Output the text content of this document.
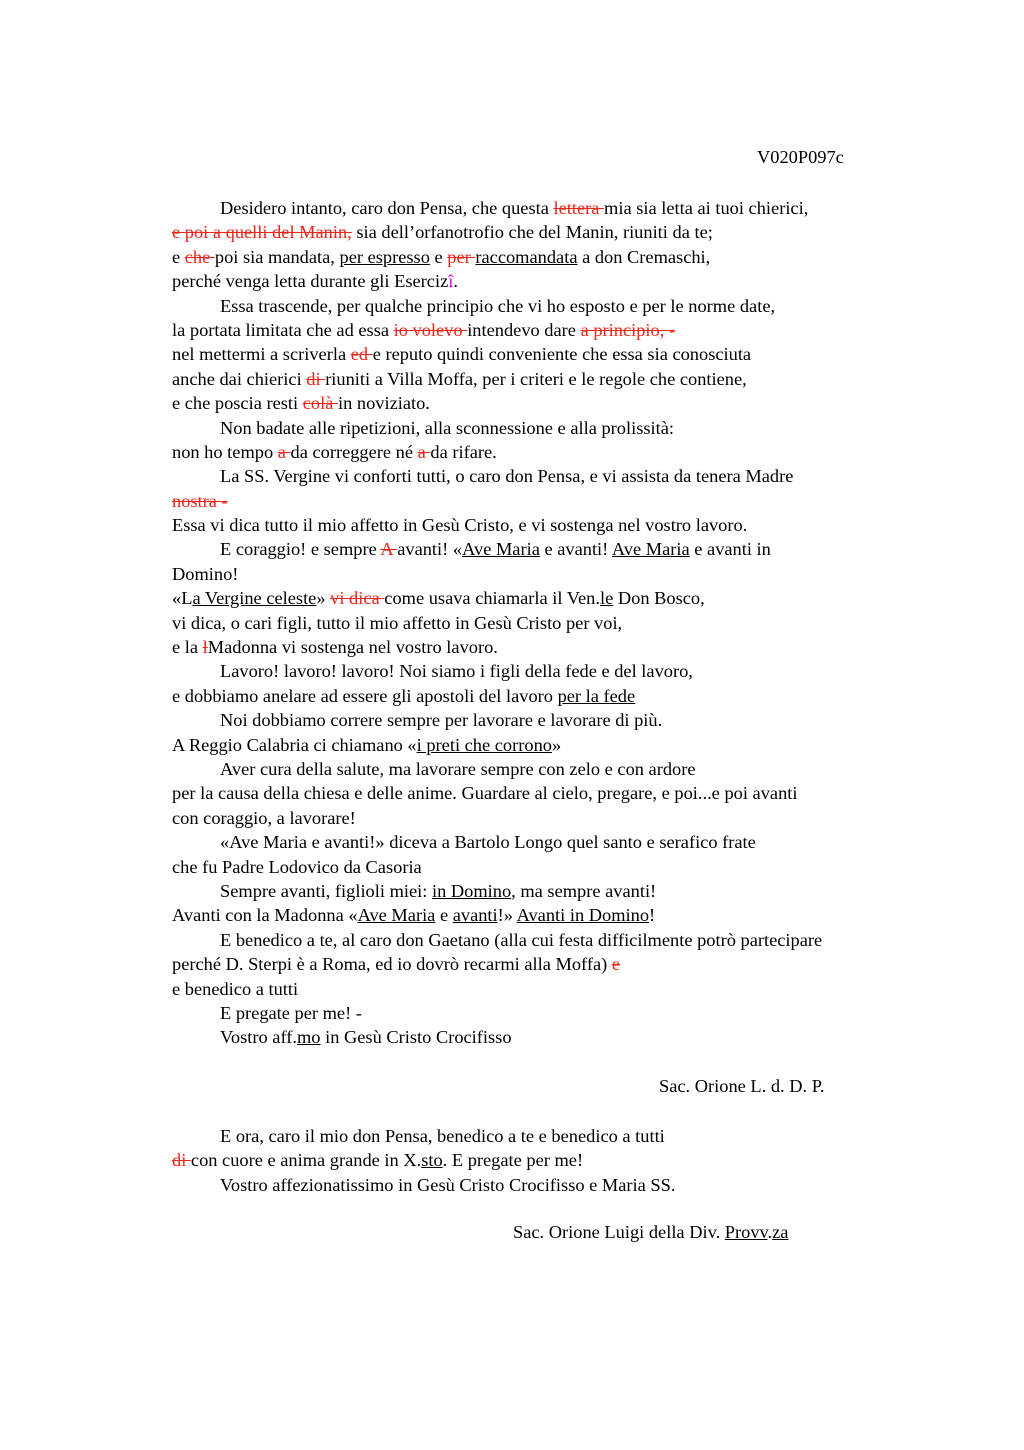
V020P097c
Desidero intanto, caro don Pensa, che questa lettera mia sia letta ai tuoi chierici,
e poi a quelli del Manin, sia dell’orfanotrofio che del Manin, riuniti da te;
e che poi sia mandata, per espresso e per raccomandata a don Cremaschi,
perché venga letta durante gli Esercizî.
Essa trascende, per qualche principio che vi ho esposto e per le norme date,
la portata limitata che ad essa io volevo intendevo dare a principio, -
nel mettermi a scriverla ed e reputo quindi conveniente che essa sia conosciuta
anche dai chierici di riuniti a Villa Moffa, per i criteri e le regole che contiene,
e che poscia resti colà in noviziato.
Non badate alle ripetizioni, alla sconnessione e alla prolissità:
non ho tempo a da correggere né a da rifare.
La SS. Vergine vi conforti tutti, o caro don Pensa, e vi assista da tenera Madre
nostra -
Essa vi dica tutto il mio affetto in Gesù Cristo, e vi sostenga nel vostro lavoro.
E coraggio! e sempre A avanti! «Ave Maria e avanti! Ave Maria e avanti in
Domino!
«La Vergine celeste» vi dica come usava chiamarla il Ven.le Don Bosco,
vi dica, o cari figli, tutto il mio affetto in Gesù Cristo per voi,
e la lMadonna vi sostenga nel vostro lavoro.
Lavoro! lavoro! lavoro! Noi siamo i figli della fede e del lavoro,
e dobbiamo anelare ad essere gli apostoli del lavoro per la fede
Noi dobbiamo correre sempre per lavorare e lavorare di più.
A Reggio Calabria ci chiamano «i preti che corrono»
Aver cura della salute, ma lavorare sempre con zelo e con ardore
per la causa della chiesa e delle anime. Guardare al cielo, pregare, e poi...e poi avanti
con coraggio, a lavorare!
«Ave Maria e avanti!» diceva a Bartolo Longo quel santo e serafico frate
che fu Padre Lodovico da Casoria
Sempre avanti, figlioli miei: in Domino, ma sempre avanti!
Avanti con la Madonna «Ave Maria e avanti!» Avanti in Domino!
E benedico a te, al caro don Gaetano (alla cui festa difficilmente potrò partecipare
perché D. Sterpi è a Roma, ed io dovrò recarmi alla Moffa) e
e benedico a tutti
E pregate per me! -
Vostro aff.mo in Gesù Cristo Crocifisso
Sac. Orione L. d. D. P.
E ora, caro il mio don Pensa, benedico a te e benedico a tutti
di con cuore e anima grande in X.sto. E pregate per me!
Vostro affezionatissimo in Gesù Cristo Crocifisso e Maria SS.
Sac. Orione Luigi della Div. Provv.za
